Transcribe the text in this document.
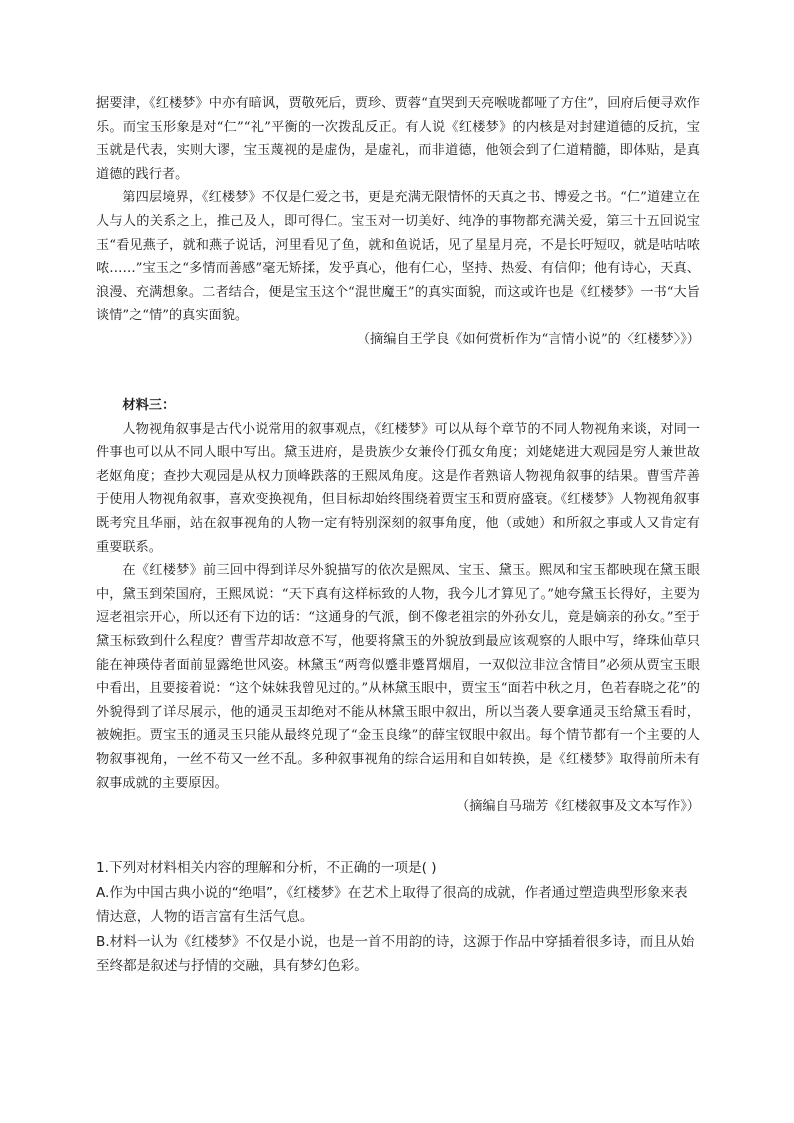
据要津，《红楼梦》中亦有暗讽，贾敬死后，贾珍、贾蓉“直哭到天亮喉咙都哑了方住”，回府后便寻欢作乐。而宝玉形象是对“仁”“礼”平衡的一次拨乱反正。有人说《红楼梦》的内核是对封建道德的反抗，宝玉就是代表，实则大谬，宝玉蔑视的是虚伪，是虚礼，而非道德，他领会到了仁道精髓，即体贴，是真道德的践行者。

第四层境界，《红楼梦》不仅是仁爱之书，更是充满无限情怀的天真之书、博爱之书。“仁”道建立在人与人的关系之上，推己及人，即可得仁。宝玉对一切美好、纯净的事物都充满关爱，第三十五回说宝玉“看见燕子，就和燕子说话，河里看见了鱼，就和鱼说话，见了星星月亮，不是长吁短叹，就是咕咕哝哝……”宝玉之“多情而善感”毫无矫揉，发乎真心，他有仁心，坚持、热爱、有信仰；他有诗心，天真、浪漫、充满想象。二者结合，便是宝玉这个“混世魔王”的真实面貌，而这或许也是《红楼梦》一书“大旨谈情”之“情”的真实面貌。

（摘编自王学良《如何赏析作为“言情小说”的〈红楼梦〉》）

材料三：

人物视角叙事是古代小说常用的叙事观点，《红楼梦》可以从每个章节的不同人物视角来谈，对同一件事也可以从不同人眼中写出。黛玉进府，是贵族少女兼伶仃孤女角度；刘姥姥进大观园是穷人兼世故老妪角度；查抄大观园是从权力顶峰跌落的王熙凤角度。这是作者熟谙人物视角叙事的结果。曹雪芹善于使用人物视角叙事，喜欢变换视角，但目标却始终围绕着贾宝玉和贾府盛衰。《红楼梦》人物视角叙事既考究且华丽，站在叙事视角的人物一定有特别深刻的叙事角度，他（或她）和所叙之事或人又肯定有重要联系。

在《红楼梦》前三回中得到详尽外貌描写的依次是熙凤、宝玉、黛玉。熙凤和宝玉都映现在黛玉眼中，黛玉到荣国府，王熙凤说：“天下真有这样标致的人物，我今儿才算见了。”她夸黛玉长得好，主要为逗老祖宗开心，所以还有下边的话：“这通身的气派，倒不像老祖宗的外孙女儿，竟是嫡亲的孙女。”至于黛玉标致到什么程度？曹雪芹却故意不写，他要将黛玉的外貌放到最应该观察的人眼中写，绛珠仙草只能在神瑛侍者面前显露绝世风姿。林黛玉“两弯似蹙非蹙罥烟眉，一双似泣非泣含情目”必须从贾宝玉眼中看出，且要接着说：“这个妹妹我曾见过的。”从林黛玉眼中，贾宝玉“面若中秋之月，色若春晓之花”的外貌得到了详尽展示，他的通灵玉却绝对不能从林黛玉眼中叙出，所以当袭人要拿通灵玉给黛玉看时，被婉拒。贾宝玉的通灵玉只能从最终兑现了“金玉良缘”的薛宝钗眼中叙出。每个情节都有一个主要的人物叙事视角，一丝不苟又一丝不乱。多种叙事视角的综合运用和自如转换，是《红楼梦》取得前所未有叙事成就的主要原因。

（摘编自马瑞芳《红楼叙事及文本写作》）

1.下列对材料相关内容的理解和分析，不正确的一项是( )

A.作为中国古典小说的“绝唱”，《红楼梦》在艺术上取得了很高的成就，作者通过塑造典型形象来表情达意，人物的语言富有生活气息。

B.材料一认为《红楼梦》不仅是小说，也是一首不用韵的诗，这源于作品中穿插着很多诗，而且从始至终都是叙述与抒情的交融，具有梦幻色彩。
